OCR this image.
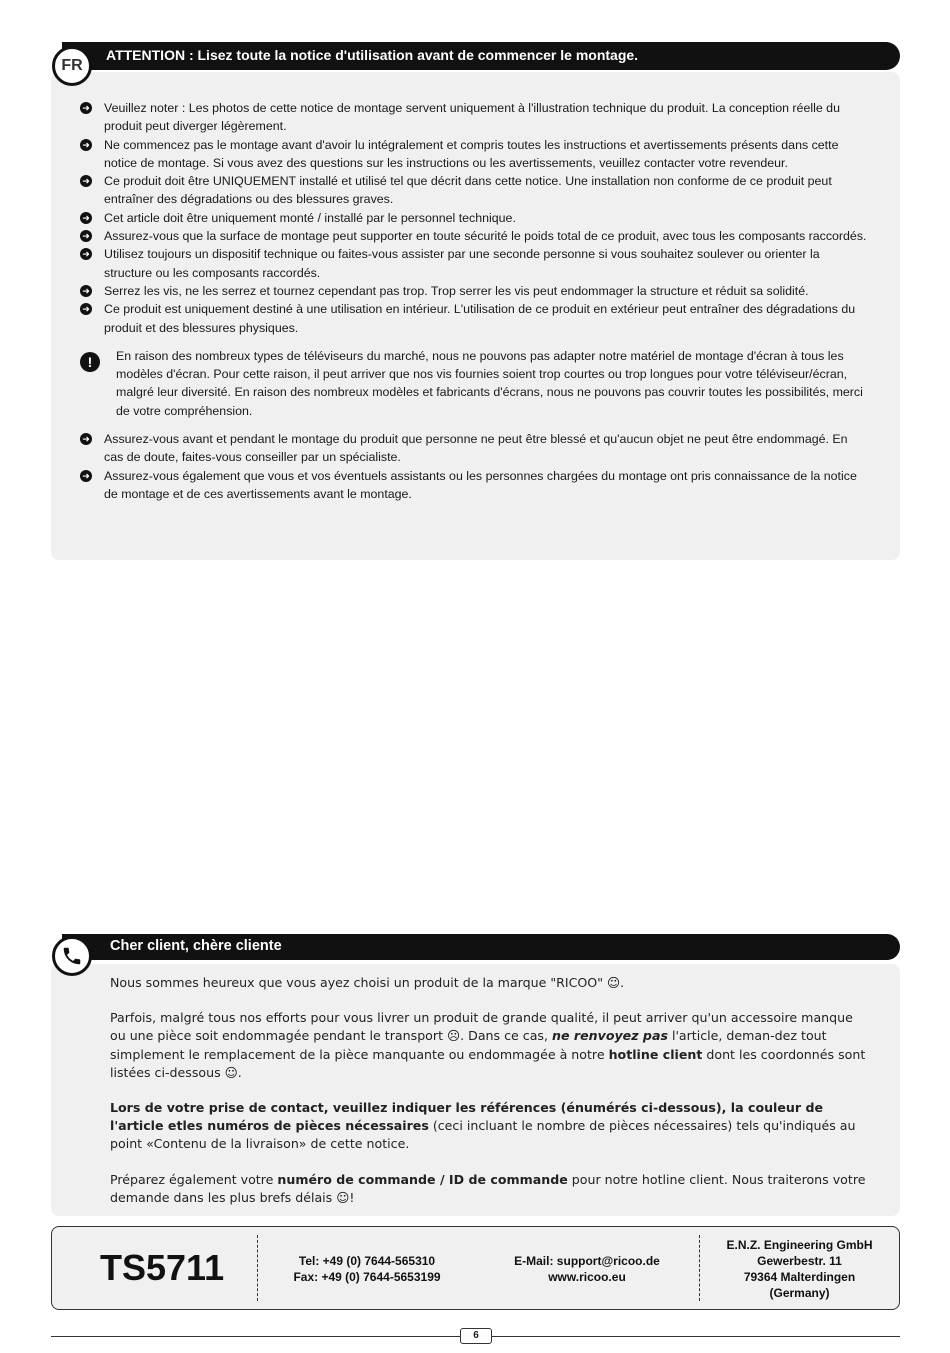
ATTENTION : Lisez toute la notice d'utilisation avant de commencer le montage.
FR
➜ Veuillez noter : Les photos de cette notice de montage servent uniquement à l'illustration technique du produit. La conception réelle du produit peut diverger légèrement.
➜ Ne commencez pas le montage avant d'avoir lu intégralement et compris toutes les instructions et avertissements présents dans cette notice de montage. Si vous avez des questions sur les instructions ou les avertissements, veuillez contacter votre revendeur.
➜ Ce produit doit être UNIQUEMENT installé et utilisé tel que décrit dans cette notice. Une installation non conforme de ce produit peut entraîner des dégradations ou des blessures graves.
➜ Cet article doit être uniquement monté / installé par le personnel technique.
➜ Assurez-vous que la surface de montage peut supporter en toute sécurité le poids total de ce produit, avec tous les composants raccordés.
➜ Utilisez toujours un dispositif technique ou faites-vous assister par une seconde personne si vous souhaitez soulever ou orienter la structure ou les composants raccordés.
➜ Serrez les vis, ne les serrez et tournez cependant pas trop. Trop serrer les vis peut endommager la structure et réduit sa solidité.
➜ Ce produit est uniquement destiné à une utilisation en intérieur. L'utilisation de ce produit en extérieur peut entraîner des dégradations du produit et des blessures physiques.
!	En raison des nombreux types de téléviseurs du marché, nous ne pouvons pas adapter notre matériel de montage d'écran à tous les modèles d'écran. Pour cette raison, il peut arriver que nos vis fournies soient trop courtes ou trop longues pour votre téléviseur/écran, malgré leur diversité. En raison des nombreux modèles et fabricants d'écrans, nous ne pouvons pas couvrir toutes les possibilités, merci de votre compréhension.
➜ Assurez-vous avant et pendant le montage du produit que personne ne peut être blessé et qu'aucun objet ne peut être endommagé. En cas de doute, faites-vous conseiller par un spécialiste.
➜ Assurez-vous également que vous et vos éventuels assistants ou les personnes chargées du montage ont pris connaissance de la notice de montage et de ces avertissements avant le montage.
Cher client, chère cliente

Nous sommes heureux que vous ayez choisi un produit de la marque "RICOO" ☺.

Parfois, malgré tous nos efforts pour vous livrer un produit de grande qualité, il peut arriver qu'un accessoire manque ou une pièce soit endommagée pendant le transport ☹. Dans ce cas, ne renvoyez pas l'article, deman-dez tout simplement le remplacement de la pièce manquante ou endommagée à notre hotline client dont les coordonnés sont listées ci-dessous ☺.

Lors de votre prise de contact, veuillez indiquer les références (énumérés ci-dessous), la couleur de l'article etles numéros de pièces nécessaires (ceci incluant le nombre de pièces nécessaires) tels qu'indiqués au point «Contenu de la livraison» de cette notice.

Préparez également votre numéro de commande / ID de commande pour notre hotline client. Nous traiterons votre demande dans les plus brefs délais ☺!

TS5711	Tel: +49 (0) 7644-565310
Fax: +49 (0) 7644-5653199
E-Mail: support@ricoo.de
www.ricoo.eu
E.N.Z. Engineering GmbH
Gewerbestr. 11
79364 Malterdingen
(Germany)
6
